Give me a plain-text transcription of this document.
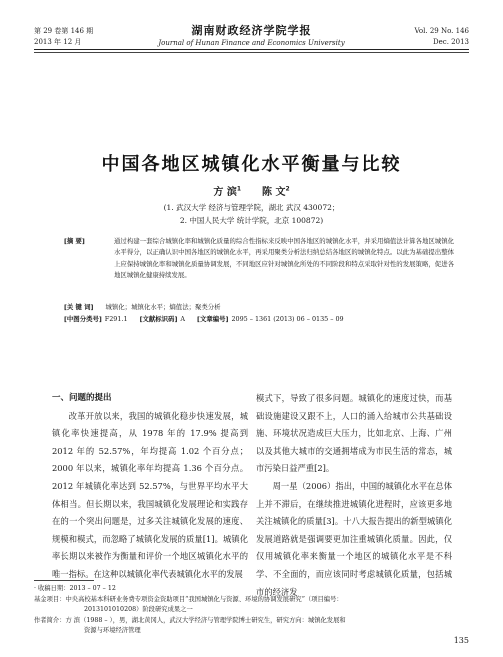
第 29 卷第 146 期
2013 年 12 月
湖南财政经济学院学报
Journal of Hunan Finance and Economics University
Vol. 29 No. 146
Dec. 2013
中国各地区城镇化水平衡量与比较
方 滨$^1$ 陈 文$^2$
(1. 武汉大学 经济与管理学院，湖北 武汉 430072；
2. 中国人民大学 统计学院，北京 100872)
[摘 要]	通过构建一套综合城镇化率和城镇化质量的综合性指标来反映中国各地区的城镇化水平，并采用熵值法计算各地区城镇化水平得分，以正确认识中国各地区的城镇化水平，再采用聚类分析法归纳总结各地区的城镇化特点。以此为基础提出整体上应保持城镇化率和城镇化质量协调发展，不同地区应针对城镇化所处的不同阶段和特点采取针对性的发展策略，促进各地区城镇化健康持续发展。

[关 键 词] 城镇化；城镇化水平；熵值法；聚类分析
[中图分类号] F291.1 [文献标识码] A [文章编号] 2095 – 1361 (2013) 06 – 0135 – 09

一、问题的提出

改革开放以来，我国的城镇化稳步快速发展，城镇化率快速提高，从 1978 年的 17.9% 提高到 2012 年的 52.57%，年均提高 1.02 个百分点；2000 年以来，城镇化率年均提高 1.36 个百分点。2012 年城镇化率达到 52.57%，与世界平均水平大体相当。但长期以来，我国城镇化发展理论和实践存在的一个突出问题是，过多关注城镇化发展的速度、规模和模式，而忽略了城镇化发展的质量[1]。城镇化率长期以来被作为衡量和评价一个地区城镇化水平的唯一指标。在这种以城镇化率代表城镇化水平的发展

模式下，导致了很多问题。城镇化的速度过快，而基础设施建设又跟不上，人口的涌入给城市公共基础设施、环境状况造成巨大压力，比如北京、上海、广州以及其他大城市的交通拥堵成为市民生活的常态，城市污染日益严重[2]。

周一星（2006）指出，中国的城镇化水平在总体上并不滞后，在继续推进城镇化进程时，应该更多地关注城镇化的质量[3]。十八大报告提出的新型城镇化发展道路就是强调要更加注重城镇化质量。因此，仅仅用城镇化率来衡量一个地区的城镇化水平是不科学、不全面的，而应该同时考虑城镇化质量，包括城市的经济发

· 收稿日期：2013 – 07 – 12

基金项目：中央高校基本科研业务费专项资金资助项目“我国城镇化与资源、环境的协调发展研究”（项目编号：

2013101010208）阶段研究成果之一

作者简介：方 滨（1988 – ），男，湖北黄冈人，武汉大学经济与管理学院博士研究生，研究方向：城镇化发展和

资源与环境经济管理

135
